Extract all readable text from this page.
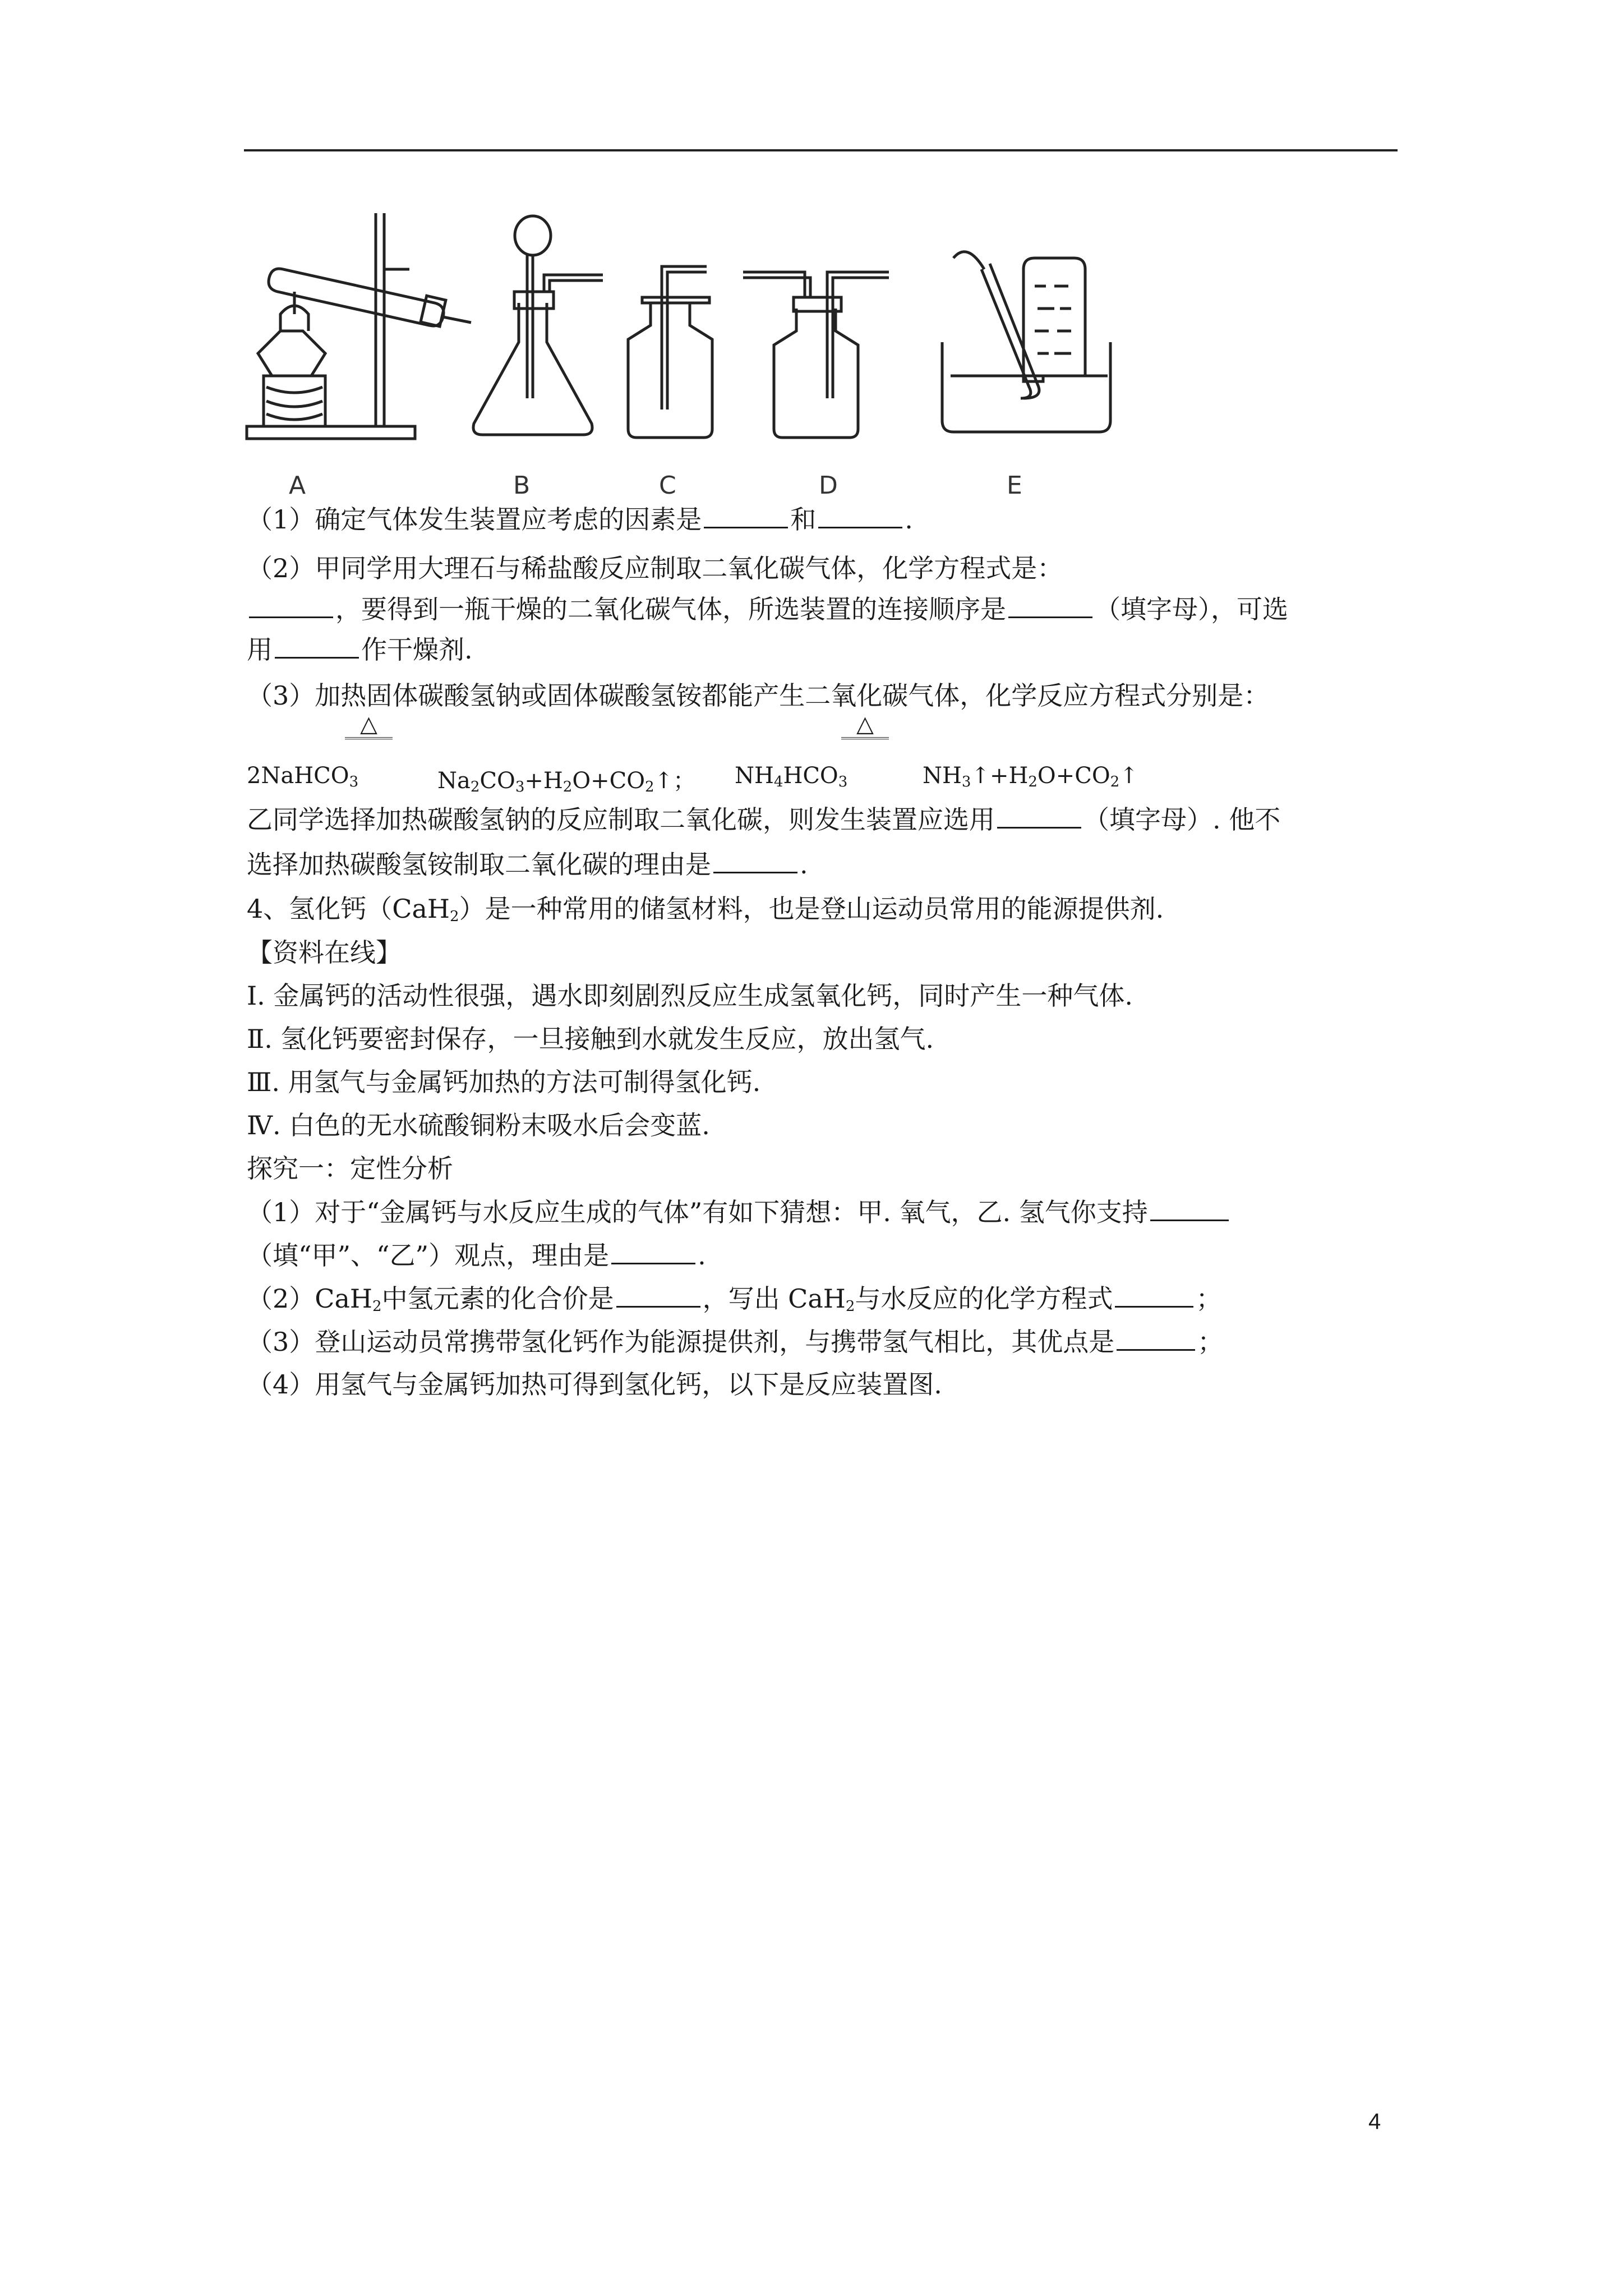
A	B	C	D	E
（1）确定气体发生装置应考虑的因素是	和	.
（2）甲同学用大理石与稀盐酸反应制取二氧化碳气体，化学方程式是：
，要得到一瓶干燥的二氧化碳气体，所选装置的连接顺序是	（填字母），可选
用	作干燥剂.
（3）加热固体碳酸氢钠或固体碳酸氢铵都能产生二氧化碳气体，化学反应方程式分别是：
△	△
2NaHCO$_3$	$Na_2CO_3+H_2O+CO_2↑$； $NH_4HCO_3$	$NH_3↑+H_2O+CO_2↑$
乙同学选择加热碳酸氢钠的反应制取二氧化碳，则发生装置应选用	（填字母）. 他不
选择加热碳酸氢铵制取二氧化碳的理由是	.
4、氢化钙（CaH$_2$）是一种常用的储氢材料，也是登山运动员常用的能源提供剂.
【资料在线】
Ⅰ. 金属钙的活动性很强，遇水即刻剧烈反应生成氢氧化钙，同时产生一种气体.
Ⅱ. 氢化钙要密封保存，一旦接触到水就发生反应，放出氢气.
Ⅲ. 用氢气与金属钙加热的方法可制得氢化钙.
Ⅳ. 白色的无水硫酸铜粉末吸水后会变蓝.
探究一：定性分析
（1）对于“金属钙与水反应生成的气体”有如下猜想：甲. 氧气，乙. 氢气你支持
（填“甲”、“乙”）观点，理由是	.
（2）CaH$_2$中氢元素的化合价是	，写出 CaH$_2$与水反应的化学方程式	；
（3）登山运动员常携带氢化钙作为能源提供剂，与携带氢气相比，其优点是	；
（4）用氢气与金属钙加热可得到氢化钙，以下是反应装置图.
4
